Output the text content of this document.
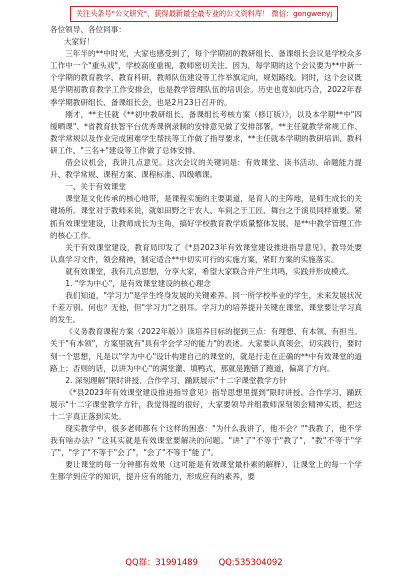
关注头条号"公文研究"，获得最新最全最专业的公文资料库！ 微信：gongwenyj

各位领导、各位同事：

大家好！

三年半的**中时光，大家也感受到了，每个学期初的教研组长、备课组长会议是学校众多工作中一个"重头戏"，学校高度重视，教师密切关注。因为，每学期的这个会议要为**中新一个学期的教育教学、教育科研、教师队伍建设等工作举旗定向，规划路线。同时，这个会议既是学期初教育教学工作安排会，也是教学管理队伍的培训会。历史也竟如此巧合，2022年春季学期教研组长、备课组长会，也是2月23日召开的。

刚才，**主任就《**初中教研组长、备课组长考核方案（修订版）》，以及本学期**中"四缓晒课"、*省教育扶智平台优秀课例录制的安排意见做了安排部署，**主任就教学常规工作、教学常规以及作业完成困难学生帮扶等工作做了指导要求，**主任就本学期的教研培训、教科研工作、"三名+"建设等工作做了总体安排。

借会议机会，我讲几点意见。这次会议的关键词是：有效课堂、读书活动、命题能力提升、教学常规、课程方案、课程标准、四级晒课。

一、关于有效课堂

课堂是文化传承的核心地带，是课程实施的主要渠道，是育人的主阵地，是师生成长的关键场所。课堂对于教师来说，就如田野之于农人、车间之于工匠、舞台之于演员同样重要。紧抓有效课堂建设，让教师成长为主角，搞好学校教育教学质量整体发展，是**中教学管理工作的核心工作。

关于有效课堂建设，教育局印发了《*县2023年有效课堂建设推进指导意见》，教导处要认真学习文件，领会精神，制定适合**中切实可行的实施方案，紧盯方案的实施落实。

就有效课堂，我有几点思想，分享大家，希望大家联合并产生共鸣，实践并形成模式。

1. "学为中心"，是有效课堂建设的核心理念

我们知道，"学习力"是学生终身发展的关键素养。同一所学校毕业的学生，未来发展状况千差万别。何也？无他，但"学习力"之别耳。学习力的培养提升关键在课堂，课堂要让学习真的发生。

《义务教育课程方案（2022年版）》读培养目标的提到三点：有理想、有本领、有担当。关于"有本领"，方案里就有"具有学会学习的能力"的表述。大家要认真领会，切实践行，要时刻一个思想，凡是以"学为中心"设计构建自己的课堂的，就是行走在正确的**中有效课堂的道路上；否则的话，以讲为中心"的满堂灌、填鸭式，那就是跑错了跑道，偏离了方向。

2. 深刻理解"限时讲授、合作学习、踊跃展示"十二字课堂教学方针

《*县2023年有效课堂建设推进指导意见》指导思想里提到"限时讲授、合作学习、踊跃展示"十二字课堂教学方针，我觉得提的很好，大家要领导并组教师深刻领会精神实质，把这十二字真正落到实处。

现实教学中，很多老师都有个这样的困惑："为什么我讲了，他不会？""我教了，他不学我有啥办法？"这其实就是有效课堂要解决的问题。"讲"了"不等于"教了"，"教"不等于"学了"，"学了"不等于"会了"，"会了"不等于"能了"。

要让课堂的每一分钟都有效果（这可能是有效课堂最朴素的解释），让课堂上的每一个学生都学到应学的知识，提升应有的能力，形成应有的素养，要

QQ群：31991489 QQ:535304092
